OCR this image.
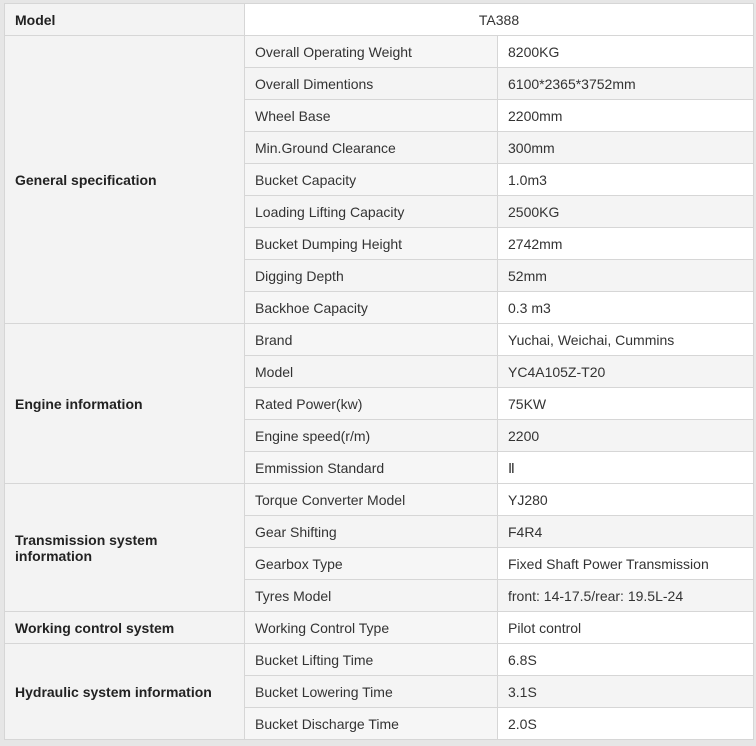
Model	TA388	
General specification	Overall Operating Weight	8200KG
	Overall Dimentions	6100*2365*3752mm
	Wheel Base	2200mm
	Min.Ground Clearance	300mm
	Bucket Capacity	1.0m3
	Loading Lifting Capacity	2500KG
	Bucket Dumping Height	2742mm
	Digging Depth	52mm
	Backhoe Capacity	0.3 m3
Engine information	Brand	Yuchai, Weichai, Cummins
	Model	YC4A105Z-T20
	Rated Power(kw)	75KW
	Engine speed(r/m)	2200
	Emmission Standard	Ⅱ
Transmission system information	Torque Converter Model	YJ280
	Gear Shifting	F4R4
	Gearbox Type	Fixed Shaft Power Transmission
	Tyres Model	front: 14-17.5/rear: 19.5L-24
Working control system	Working Control Type	Pilot control
Hydraulic system information	Bucket Lifting Time	6.8S
	Bucket Lowering Time	3.1S
	Bucket Discharge Time	2.0S
